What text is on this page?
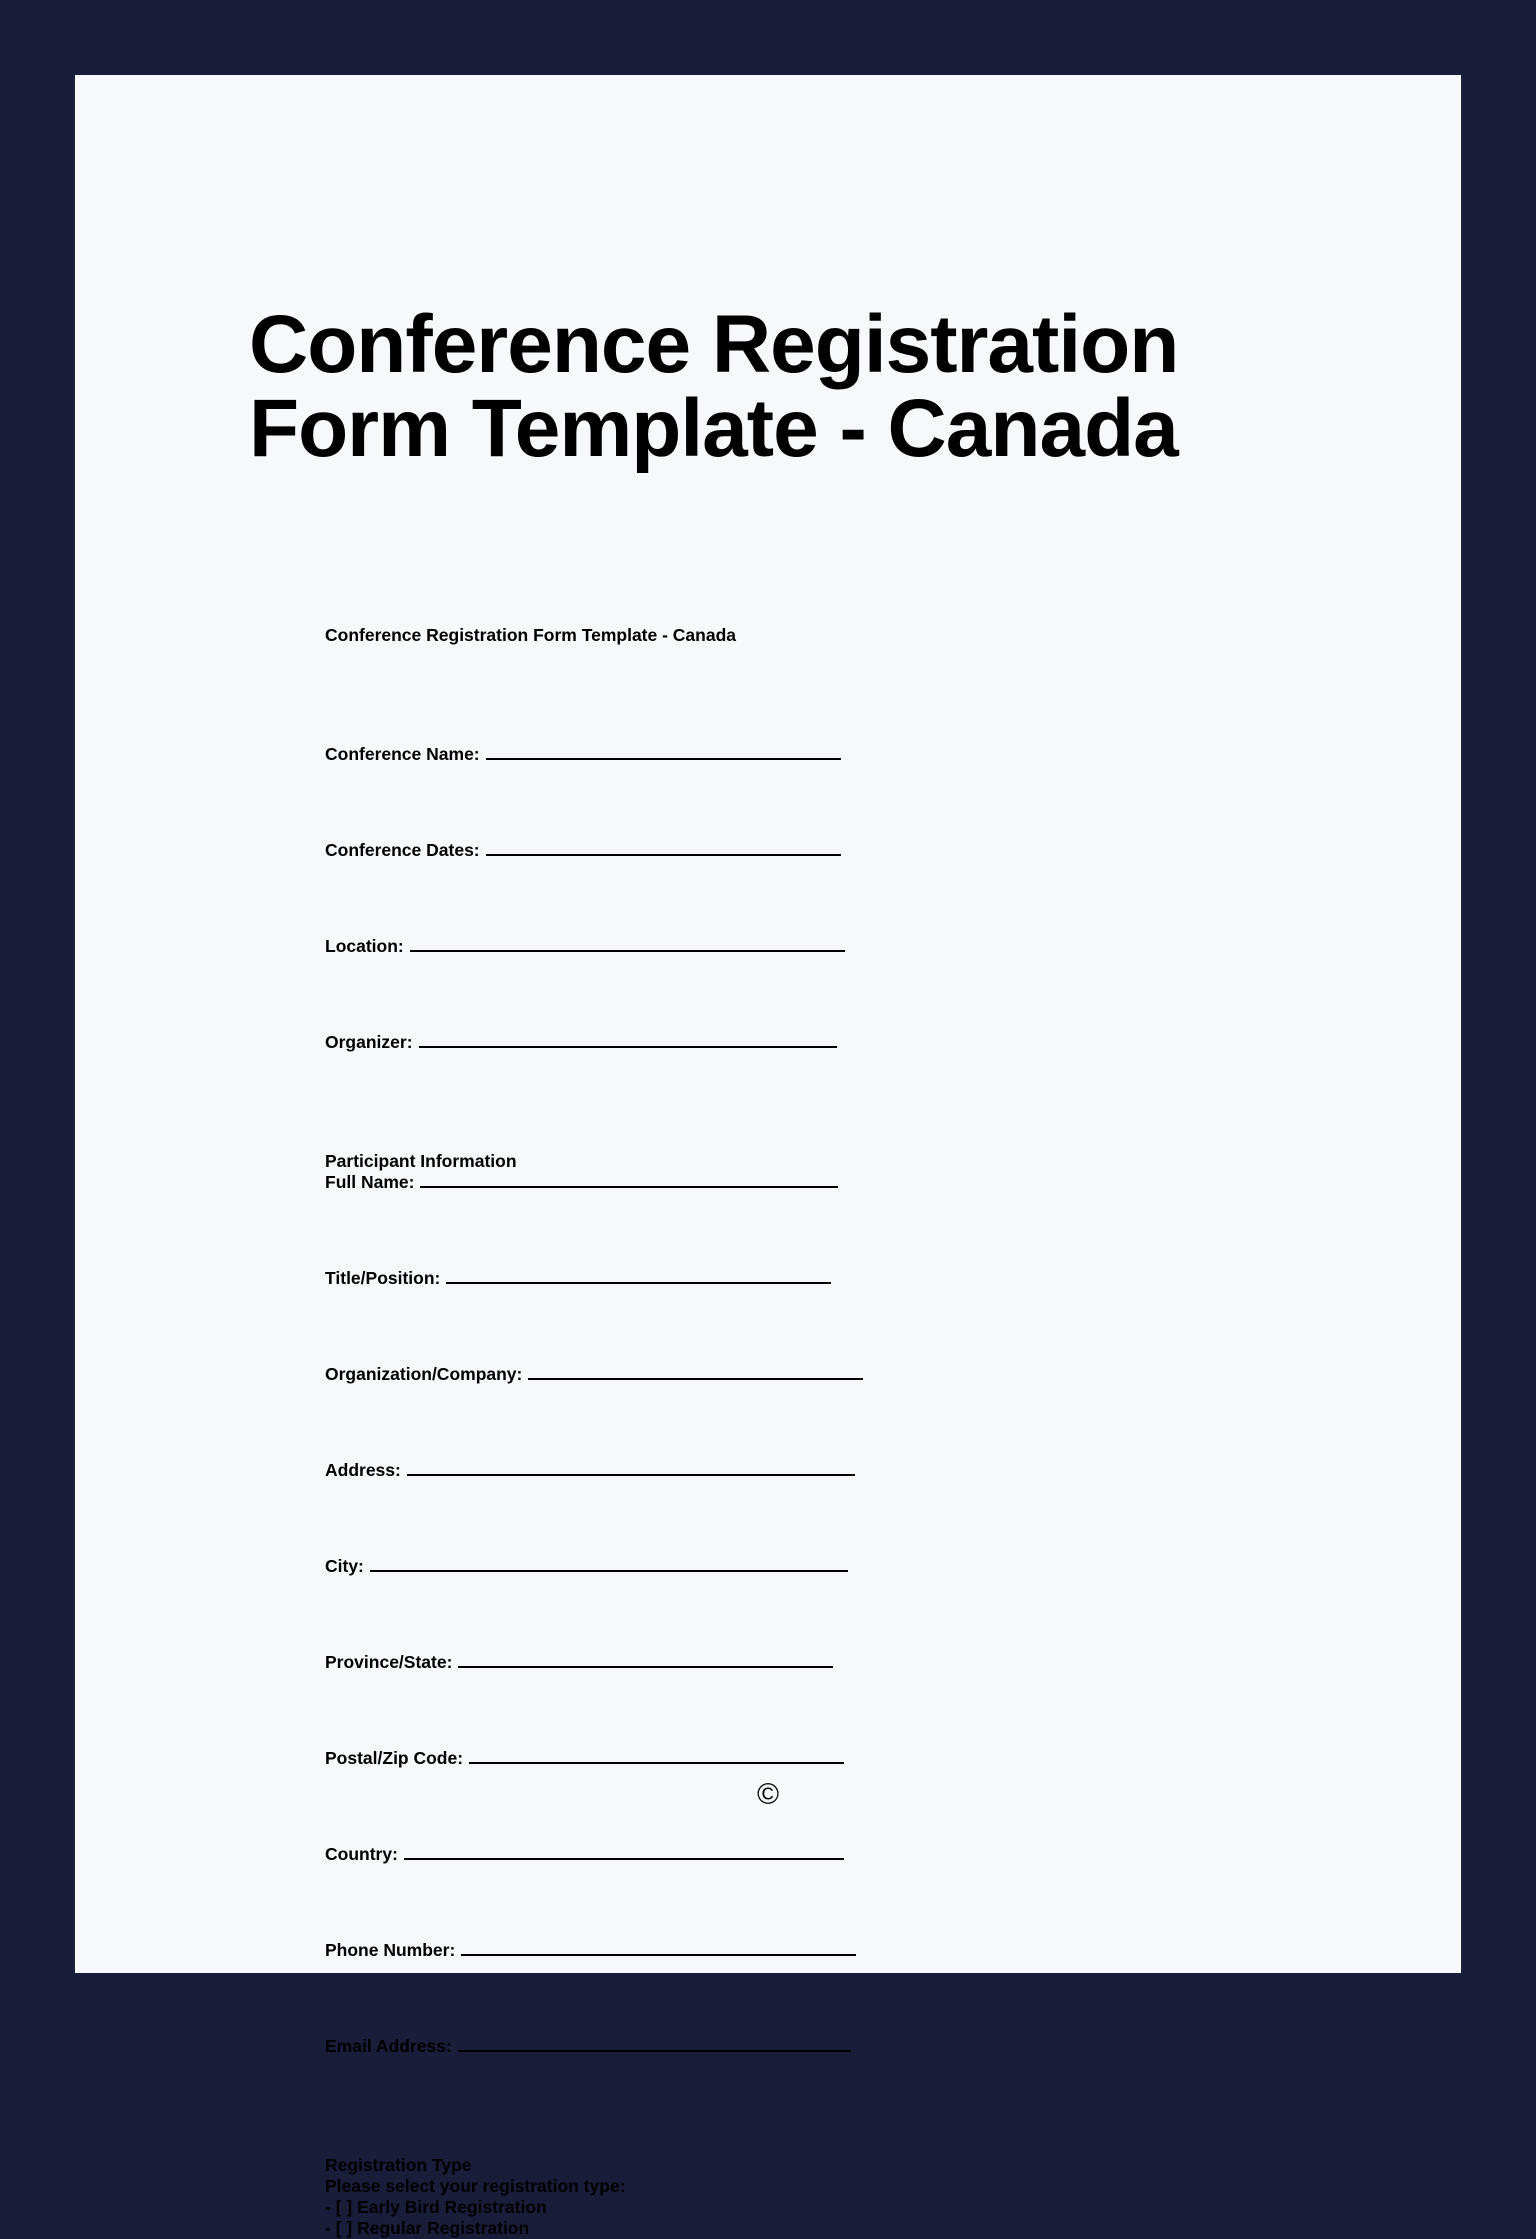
Conference Registration Form Template - Canada
Conference Registration Form Template - Canada
Conference Name:
Conference Dates:
Location:
Organizer:
Participant Information
Full Name:
Title/Position:
Organization/Company:
Address:
City:
Province/State:
Postal/Zip Code:
Country:
Phone Number:
Email Address:
Registration Type
Please select your registration type:
- [ ] Early Bird Registration
- [ ] Regular Registration
©
